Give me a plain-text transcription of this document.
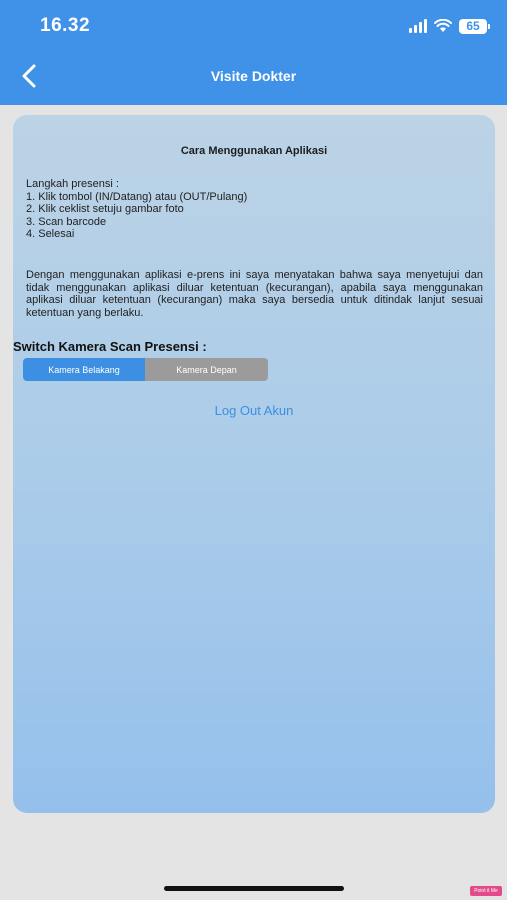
16.32	65
Visite Dokter
Cara Menggunakan Aplikasi
Langkah presensi :
1. Klik tombol (IN/Datang) atau (OUT/Pulang)
2. Klik ceklist setuju gambar foto
3. Scan barcode
4. Selesai
Dengan menggunakan aplikasi e-prens ini saya menyatakan bahwa saya menyetujui dan tidak menggunakan aplikasi diluar ketentuan (kecurangan), apabila saya menggunakan aplikasi diluar ketentuan (kecurangan) maka saya bersedia untuk ditindak lanjut sesuai ketentuan yang berlaku.
Switch Kamera Scan Presensi :
Kamera Belakang	Kamera Depan
Log Out Akun
Point it Me
